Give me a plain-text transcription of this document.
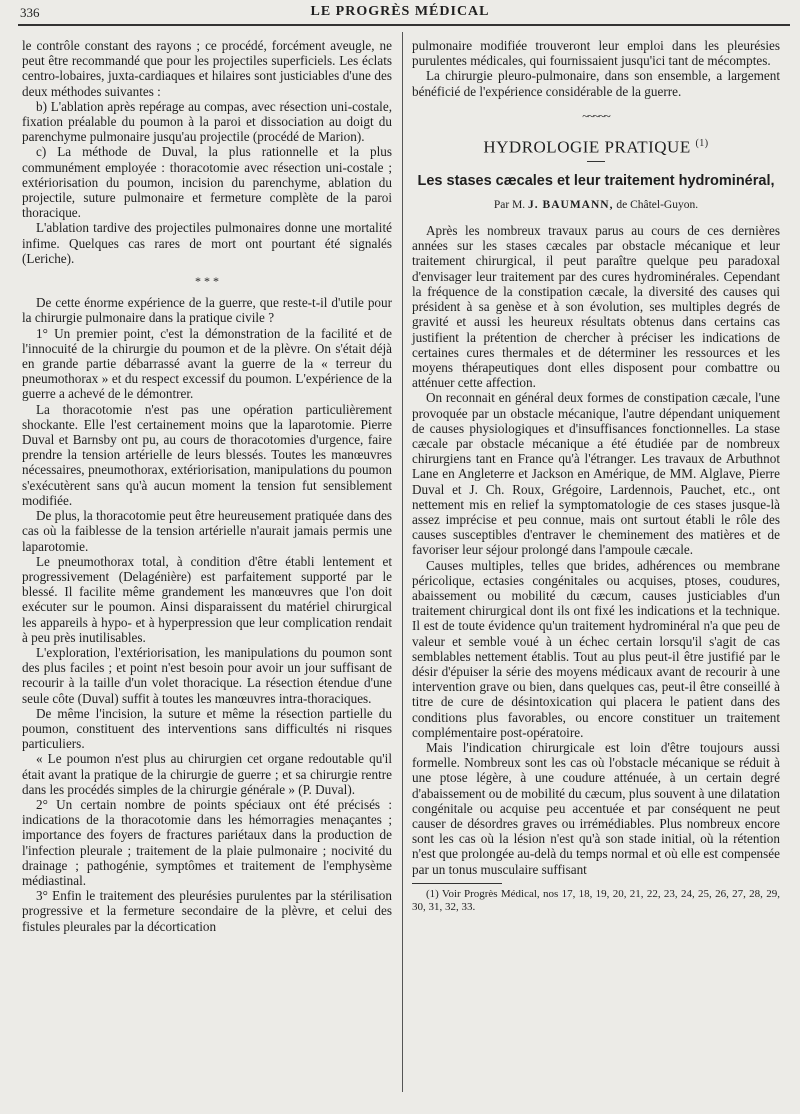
336	LE PROGRÈS MÉDICAL

le contrôle constant des rayons ; ce procédé, forcément aveugle, ne peut être recommandé que pour les projectiles superficiels. Les éclats centro-lobaires, juxta-cardiaques et hilaires sont justiciables d'une des deux méthodes suivantes :

b) L'ablation après repérage au compas, avec résection uni-costale, fixation préalable du poumon à la paroi et dissociation au doigt du parenchyme pulmonaire jusqu'au projectile (procédé de Marion).

c) La méthode de Duval, la plus rationnelle et la plus communément employée : thoracotomie avec résection uni-costale ; extériorisation du poumon, incision du parenchyme, ablation du projectile, suture pulmonaire et fermeture complète de la paroi thoracique.

L'ablation tardive des projectiles pulmonaires donne une mortalité infime. Quelques cas rares de mort ont pourtant été signalés (Leriche).

* * *

De cette énorme expérience de la guerre, que reste-t-il d'utile pour la chirurgie pulmonaire dans la pratique civile ?

1° Un premier point, c'est la démonstration de la facilité et de l'innocuité de la chirurgie du poumon et de la plèvre. On s'était déjà en grande partie débarrassé avant la guerre de la « terreur du pneumothorax » et du respect excessif du poumon. L'expérience de la guerre a achevé de le démontrer.

La thoracotomie n'est pas une opération particulièrement shockante. Elle l'est certainement moins que la laparotomie. Pierre Duval et Barnsby ont pu, au cours de thoracotomies d'urgence, faire prendre la tension artérielle de leurs blessés. Toutes les manœuvres nécessaires, pneumothorax, extériorisation, manipulations du poumon s'exécutèrent sans qu'à aucun moment la tension fut sensiblement modifiée.

De plus, la thoracotomie peut être heureusement pratiquée dans des cas où la faiblesse de la tension artérielle n'aurait jamais permis une laparotomie.

Le pneumothorax total, à condition d'être établi lentement et progressivement (Delagénière) est parfaitement supporté par le blessé. Il facilite même grandement les manœuvres que l'on doit exécuter sur le poumon. Ainsi disparaissent du matériel chirurgical les appareils à hypo- et à hyperpression que leur complication rendait à peu près inutilisables.

L'exploration, l'extériorisation, les manipulations du poumon sont des plus faciles ; et point n'est besoin pour avoir un jour suffisant de recourir à la taille d'un volet thoracique. La résection étendue d'une seule côte (Duval) suffit à toutes les manœuvres intra-thoraciques.

De même l'incision, la suture et même la résection partielle du poumon, constituent des interventions sans difficultés ni risques particuliers.

« Le poumon n'est plus au chirurgien cet organe redoutable qu'il était avant la pratique de la chirurgie de guerre ; et sa chirurgie rentre dans les procédés simples de la chirurgie générale » (P. Duval).

2° Un certain nombre de points spéciaux ont été précisés : indications de la thoracotomie dans les hémorragies menaçantes ; importance des foyers de fractures pariétaux dans la production de l'infection pleurale ; traitement de la plaie pulmonaire ; nocivité du drainage ; pathogénie, symptômes et traitement de l'emphysème médiastinal.

3° Enfin le traitement des pleurésies purulentes par la stérilisation progressive et la fermeture secondaire de la plèvre, et celui des fistules pleurales par la décortication

pulmonaire modifiée trouveront leur emploi dans les pleurésies purulentes médicales, qui fournissaient jusqu'ici tant de mécomptes.

La chirurgie pleuro-pulmonaire, dans son ensemble, a largement bénéficié de l'expérience considérable de la guerre.

~~~~~
HYDROLOGIE PRATIQUE $^{(1)}$
Les stases cæcales et leur traitement hydrominéral,
Par M. J. BAUMANN, de Châtel-Guyon.

Après les nombreux travaux parus au cours de ces dernières années sur les stases cæcales par obstacle mécanique et leur traitement chirurgical, il peut paraître quelque peu paradoxal d'envisager leur traitement par des cures hydrominérales. Cependant la fréquence de la constipation cæcale, la diversité des causes qui président à sa genèse et à son évolution, ses multiples degrés de gravité et aussi les heureux résultats obtenus dans certains cas justifient la prétention de chercher à préciser les indications de certaines cures thermales et de déterminer les ressources et les moyens thérapeutiques dont elles disposent pour combattre ou atténuer cette affection.

On reconnait en général deux formes de constipation cæcale, l'une provoquée par un obstacle mécanique, l'autre dépendant uniquement de causes physiologiques et d'insuffisances fonctionnelles. La stase cæcale par obstacle mécanique a été étudiée par de nombreux chirurgiens tant en France qu'à l'étranger. Les travaux de Arbuthnot Lane en Angleterre et Jackson en Amérique, de MM. Alglave, Pierre Duval et J. Ch. Roux, Grégoire, Lardennois, Pauchet, etc., ont nettement mis en relief la symptomatologie de ces stases jusque-là assez imprécise et peu connue, mais ont surtout établi le rôle des causes susceptibles d'entraver le cheminement des matières et de favoriser leur séjour prolongé dans l'ampoule cæcale.

Causes multiples, telles que brides, adhérences ou membrane péricolique, ectasies congénitales ou acquises, ptoses, coudures, abaissement ou mobilité du cæcum, causes justiciables d'un traitement chirurgical dont ils ont fixé les indications et la technique. Il est de toute évidence qu'un traitement hydrominéral n'a que peu de valeur et semble voué à un échec certain lorsqu'il s'agit de cas semblables nettement établis. Tout au plus peut-il être justifié par le désir d'épuiser la série des moyens médicaux avant de recourir à une intervention grave ou bien, dans quelques cas, peut-il être conseillé à titre de cure de désintoxication qui placera le patient dans des conditions plus favorables, ou encore constituer un traitement complémentaire post-opératoire.

Mais l'indication chirurgicale est loin d'être toujours aussi formelle. Nombreux sont les cas où l'obstacle mécanique se réduit à une ptose légère, à une coudure atténuée, à un certain degré d'abaissement ou de mobilité du cæcum, plus souvent à une dilatation congénitale ou acquise peu accentuée et par conséquent ne peut causer de désordres graves ou irrémédiables. Plus nombreux encore sont les cas où la lésion n'est qu'à son stade initial, où la rétention n'est que prolongée au-delà du temps normal et où elle est compensée par un tonus musculaire suffisant

(1) Voir Progrès Médical, nos 17, 18, 19, 20, 21, 22, 23, 24, 25, 26, 27, 28, 29, 30, 31, 32, 33.
